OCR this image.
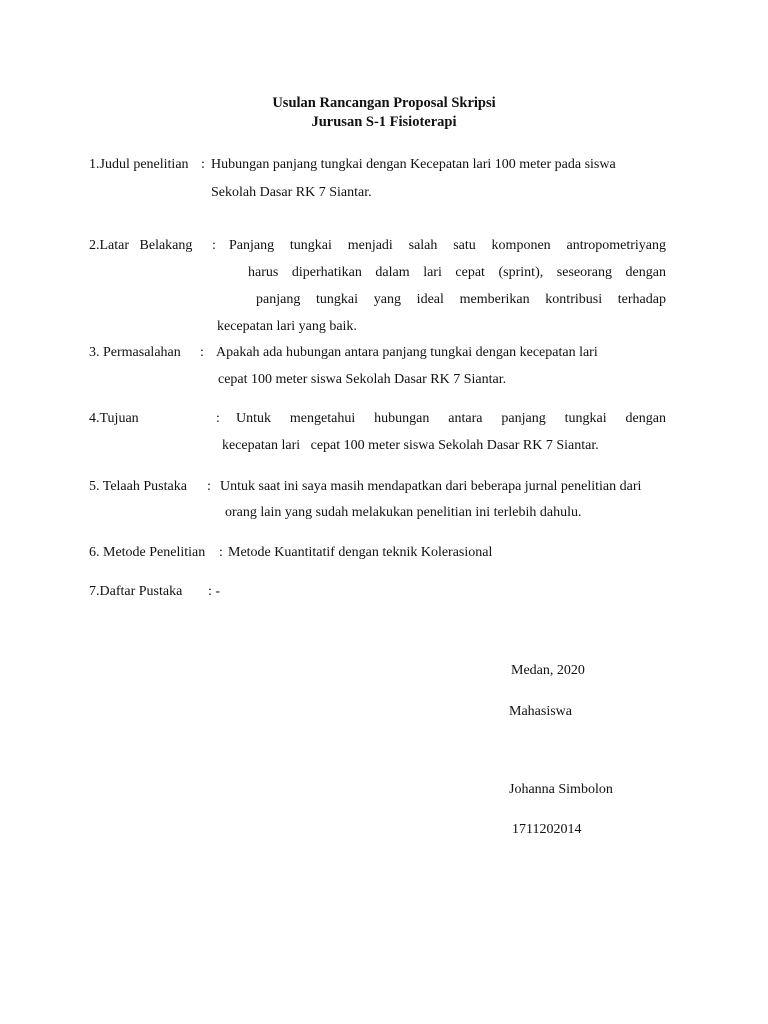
Usulan Rancangan Proposal Skripsi
Jurusan S-1 Fisioterapi
1.Judul penelitian : Hubungan panjang tungkai dengan Kecepatan lari 100 meter pada siswa
Sekolah Dasar RK 7 Siantar.
2.Latar   Belakang : Panjang tungkai menjadi salah satu komponen antropometriyang
harus diperhatikan dalam lari cepat (sprint), seseorang dengan
panjang tungkai yang ideal memberikan kontribusi terhadap
kecepatan lari yang baik.
3. Permasalahan : Apakah ada hubungan antara panjang tungkai dengan kecepatan lari
cepat 100 meter siswa Sekolah Dasar RK 7 Siantar.
4.Tujuan	: Untuk mengetahui hubungan antara panjang tungkai dengan
kecepatan lari   cepat 100 meter siswa Sekolah Dasar RK 7 Siantar.
5. Telaah Pustaka : Untuk saat ini saya masih mendapatkan dari beberapa jurnal penelitian dari
orang lain yang sudah melakukan penelitian ini terlebih dahulu.
6. Metode Penelitian : Metode Kuantitatif dengan teknik Kolerasional
7.Daftar Pustaka : -
Medan, 2020
Mahasiswa
Johanna Simbolon
1711202014
